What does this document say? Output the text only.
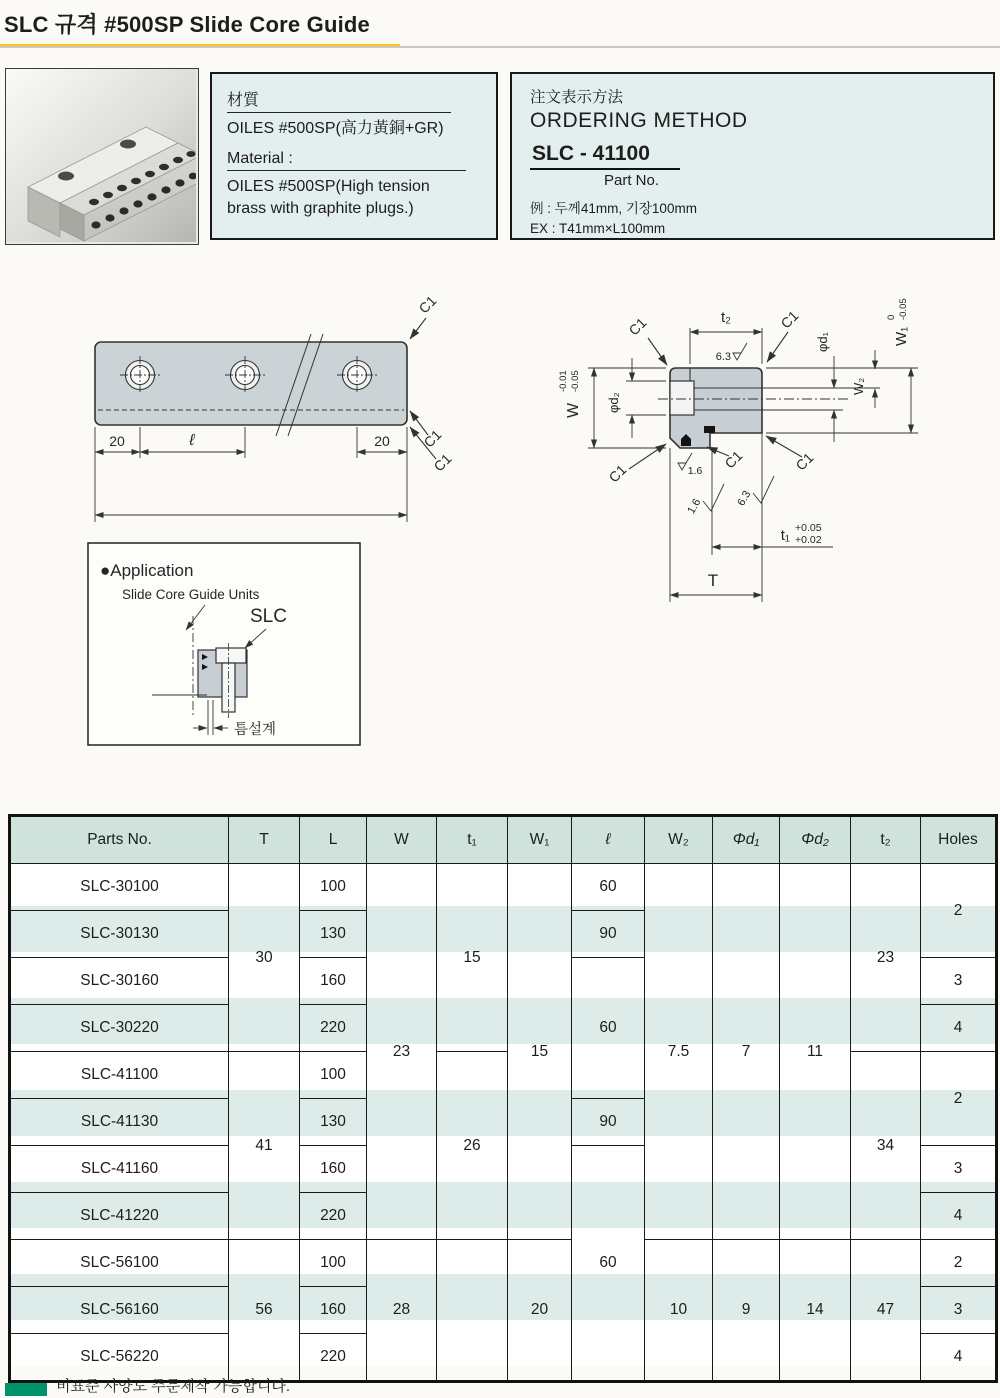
SLC 규격 #500SP Slide Core Guide
材質
OILES #500SP(高力黃銅+GR)
Material :
OILES #500SP(High tension
brass with graphite plugs.)
注文表示方法
ORDERING METHOD
SLC - 41100
Part No.
例 : 두께41mm, 기장100mm
EX : T41mm×L100mm
C1
C1
C1
20	ℓ	20
t₂
6.3
C1	C1
C1
C1	C1
φd₁	W₁
0 -0.05
W₂
W
-0.01 -0.05
φd₂
1.6
1.6	6.3
t₁ +0.05
+0.02
T
●Application
Slide Core Guide Units
SLC
틈설계
Parts No.	T	L	W	t₁	W₁	ℓ	W₂	Φd₁	Φd₂	t₂	Holes
SLC-30100	30	100	23	15	15	60	7.5	7	11	23	2
SLC-30130		130				90					
SLC-30160		160				60					3
SLC-30220		220									4
SLC-41100	41	100		26						34	2
SLC-41130		130				90					
SLC-41160		160				60					3
SLC-41220		220									4
SLC-56100	56	100	28		20		10	9	14	47	2
SLC-56160		160									3
SLC-56220		220									4
비표준 사양도 주문제작 가능합니다.
